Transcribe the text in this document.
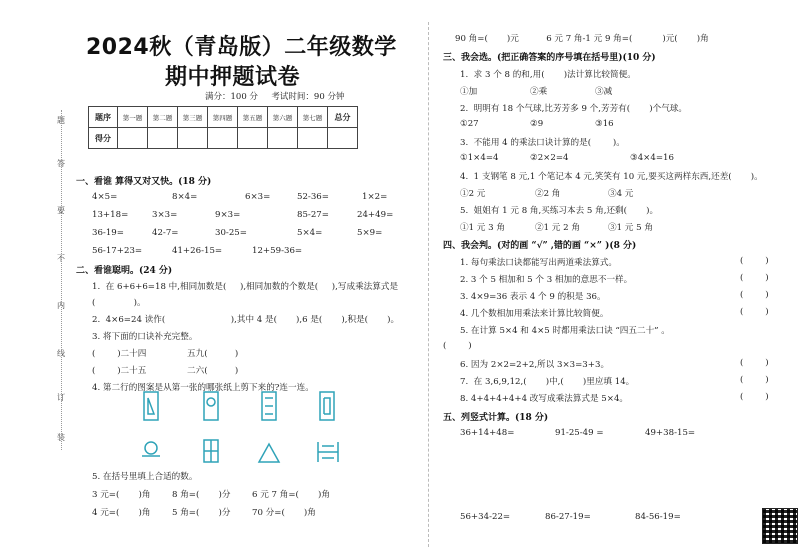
题
答
要
不
内
线
订
装
2024秋（青岛版）二年级数学
期中押题试卷
满分：100 分     考试时间：90 分钟
题序	第一题	第二题	第三题	第四题	第五题	第六题	第七题	总分
得分								
一、看谁 算得又对又快。(18 分)
4×5=	8×4=	6×3=	52-36=	1×2=
13+18=	3×3=	9×3=	85-27=	24+49=
36-19=	42-7=	30-25=	5×4=	5×9=
56-17+23=	41+26-15=	12+59-36=
二、看谁聪明。(24 分)
1.  在 6+6+6=18 中,相同加数是(     ),相同加数的个数是(     ),写成乘法算式是
(              )。
2.  4×6=24 读作(                        ),其中 4 是(       ),6 是(       ),积是(       )。
3. 将下面的口诀补充完整。
(        )二十四	五九(          )
(        )二十五	二六(          )
4. 第二行的图案是从第一张的哪张纸上剪下来的?连一连。
5. 在括号里填上合适的数。
3 元=(       )角	8 角=(       )分	6 元 7 角=(       )角
4 元=(       )角	5 角=(       )分	70 分=(       )角
90 角=(       )元          6 元 7 角-1 元 9 角=(           )元(       )角
三、我会选。(把正确答案的序号填在括号里)(10 分)
1.  求 3 个 8 的和,用(       )法计算比较简便。
①加	②乘	③减
2.  明明有 18 个气球,比芳芳多 9 个,芳芳有(       )个气球。
①27	②9	③16
3.  不能用 4 的乘法口诀计算的是(        )。
①1×4=4	②2×2=4	③4×4=16
4.  1 支钢笔 8 元,1 个笔记本 4 元,笑笑有 10 元,要买这两样东西,还差(       )。
①2 元	②2 角	③4 元
5.  姐姐有 1 元 8 角,买练习本去 5 角,还剩(       )。
①1 元 3 角	②1 元 2 角	③1 元 5 角
四、我会判。(对的画 “√” ,错的画 “×” )(8 分)
1. 每句乘法口诀都能写出两道乘法算式。	(        )
2. 3 个 5 相加和 5 个 3 相加的意思不一样。	(        )
3. 4×9=36 表示 4 个 9 的积是 36。	(        )
4. 几个数相加用乘法来计算比较简便。	(        )
5. 在计算 5×4 和 4×5 时都用乘法口诀 “四五二十” 。
(        )
6. 因为 2×2=2+2,所以 3×3=3+3。	(        )
7.  在 3,6,9,12,(       )中,(       )里应填 14。	(        )
8. 4+4+4+4+4 改写成乘法算式是 5×4。	(        )
五、列竖式计算。(18 分)
36+14+48=	91-25-49 =	49+38-15=
56+34-22=	86-27-19=	84-56-19=
